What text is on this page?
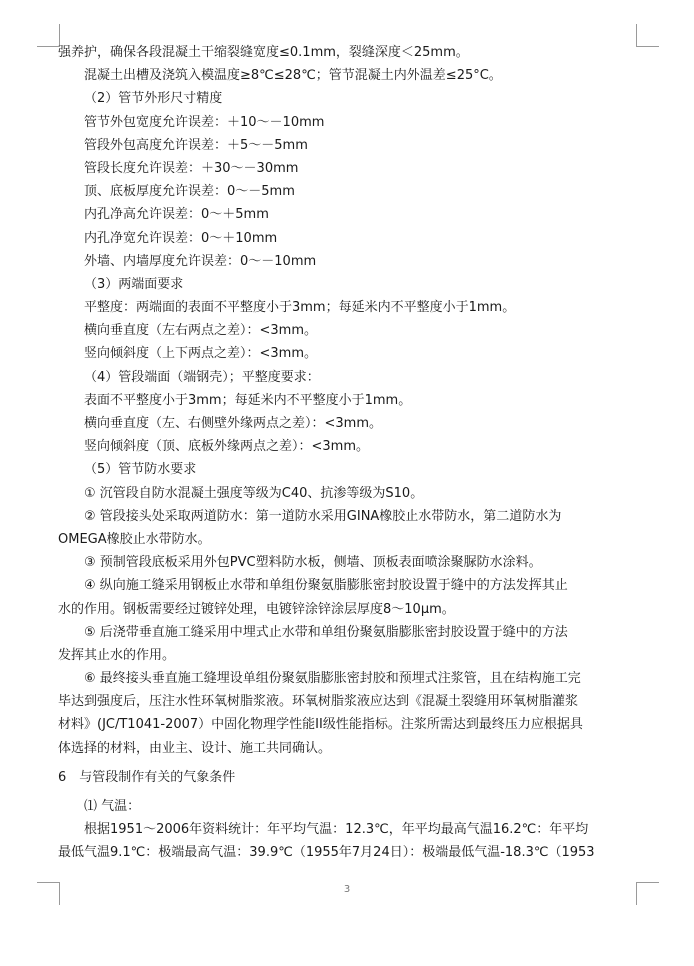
强养护，确保各段混凝土干缩裂缝宽度≤0.1mm，裂缝深度＜25mm。
混凝土出槽及浇筑入模温度≥8℃≤28℃；管节混凝土内外温差≤25°C。
（2）管节外形尺寸精度
管节外包宽度允许误差：＋10～－10mm
管段外包高度允许误差：＋5～－5mm
管段长度允许误差：＋30～－30mm
顶、底板厚度允许误差：0～－5mm
内孔净高允许误差：0～＋5mm
内孔净宽允许误差：0～＋10mm
外墙、内墙厚度允许误差：0～－10mm
（3）两端面要求
平整度：两端面的表面不平整度小于3mm；每延米内不平整度小于1mm。
横向垂直度（左右两点之差）：<3mm。
竖向倾斜度（上下两点之差）：<3mm。
（4）管段端面（端钢壳）；平整度要求：
表面不平整度小于3mm；每延米内不平整度小于1mm。
横向垂直度（左、右侧壁外缘两点之差）：<3mm。
竖向倾斜度（顶、底板外缘两点之差）：<3mm。
（5）管节防水要求
① 沉管段自防水混凝土强度等级为C40、抗渗等级为S10。
② 管段接头处采取两道防水：第一道防水采用GINA橡胶止水带防水，第二道防水为
OMEGA橡胶止水带防水。
③ 预制管段底板采用外包PVC塑料防水板，侧墙、顶板表面喷涂聚脲防水涂料。
④ 纵向施工缝采用钢板止水带和单组份聚氨脂膨胀密封胶设置于缝中的方法发挥其止
水的作用。钢板需要经过镀锌处理，电镀锌涂锌涂层厚度8～10μm。
⑤ 后浇带垂直施工缝采用中埋式止水带和单组份聚氨脂膨胀密封胶设置于缝中的方法
发挥其止水的作用。
⑥ 最终接头垂直施工缝埋设单组份聚氨脂膨胀密封胶和预埋式注浆管，且在结构施工完
毕达到强度后，压注水性环氧树脂浆液。环氧树脂浆液应达到《混凝土裂缝用环氧树脂灌浆
材料》(JC/T1041-2007）中固化物理学性能II级性能指标。注浆所需达到最终压力应根据具
体选择的材料，由业主、设计、施工共同确认。
6　与管段制作有关的气象条件
⑴ 气温：
根据1951～2006年资料统计：年平均气温：12.3℃，年平均最高气温16.2℃：年平均
最低气温9.1℃：极端最高气温：39.9℃（1955年7月24日）：极端最低气温-18.3℃（1953
3
